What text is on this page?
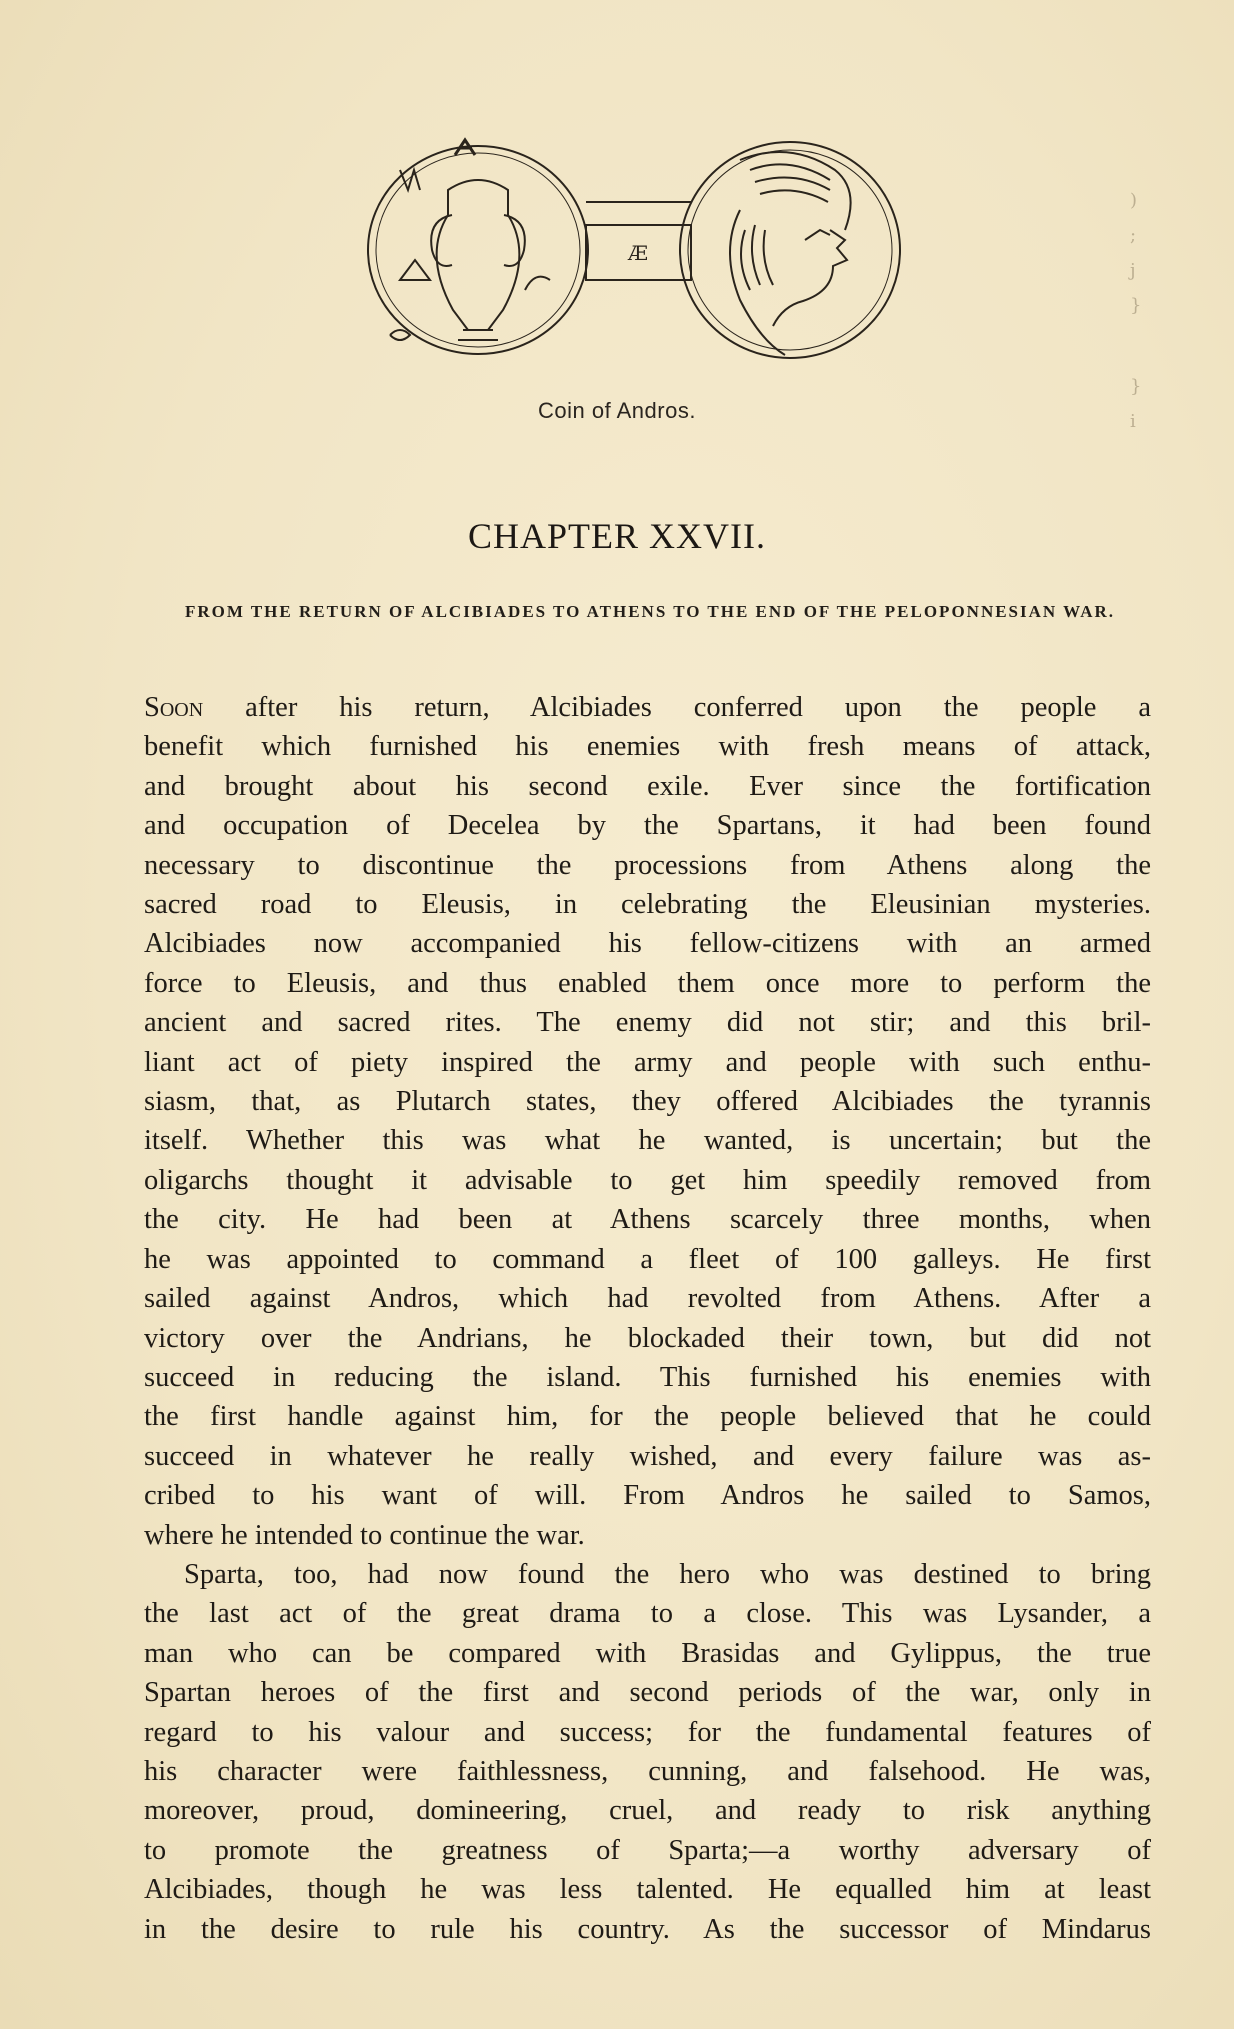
Æ
Coin of Andros.
)
;
j
}
}
i
CHAPTER XXVII.
FROM THE RETURN OF ALCIBIADES TO ATHENS TO THE END OF THE PELOPONNESIAN WAR.
Soon after his return, Alcibiades conferred upon the people a
benefit which furnished his enemies with fresh means of attack,
and brought about his second exile. Ever since the fortification
and occupation of Decelea by the Spartans, it had been found
necessary to discontinue the processions from Athens along the
sacred road to Eleusis, in celebrating the Eleusinian mysteries.
Alcibiades now accompanied his fellow-citizens with an armed
force to Eleusis, and thus enabled them once more to perform the
ancient and sacred rites. The enemy did not stir; and this bril-
liant act of piety inspired the army and people with such enthu-
siasm, that, as Plutarch states, they offered Alcibiades the tyrannis
itself. Whether this was what he wanted, is uncertain; but the
oligarchs thought it advisable to get him speedily removed from
the city. He had been at Athens scarcely three months, when
he was appointed to command a fleet of 100 galleys. He first
sailed against Andros, which had revolted from Athens. After a
victory over the Andrians, he blockaded their town, but did not
succeed in reducing the island. This furnished his enemies with
the first handle against him, for the people believed that he could
succeed in whatever he really wished, and every failure was as-
cribed to his want of will. From Andros he sailed to Samos,
where he intended to continue the war.
Sparta, too, had now found the hero who was destined to bring
the last act of the great drama to a close. This was Lysander, a
man who can be compared with Brasidas and Gylippus, the true
Spartan heroes of the first and second periods of the war, only in
regard to his valour and success; for the fundamental features of
his character were faithlessness, cunning, and falsehood. He was,
moreover, proud, domineering, cruel, and ready to risk anything
to promote the greatness of Sparta;—a worthy adversary of
Alcibiades, though he was less talented. He equalled him at least
in the desire to rule his country. As the successor of Mindarus
